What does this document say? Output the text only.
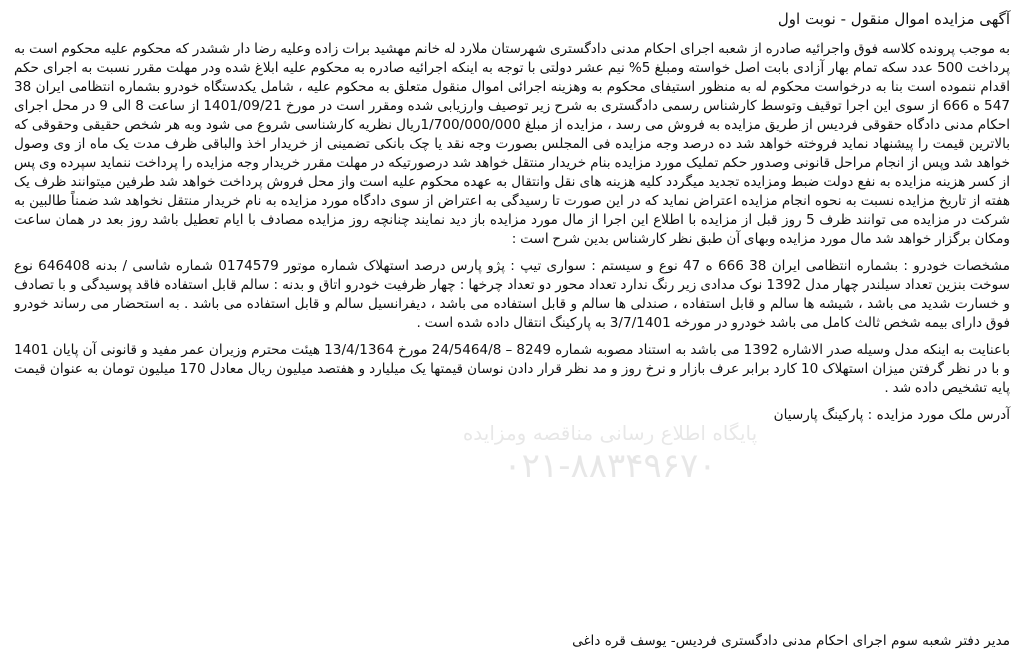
آگهی مزایده اموال منقول - نوبت اول

به موجب پرونده کلاسه فوق واجرائیه صادره از شعبه اجرای احکام مدنی دادگستری شهرستان ملارد له خانم مهشید برات زاده وعلیه رضا دار ششدر که محکوم علیه محکوم است به پرداخت 500 عدد سکه تمام بهار آزادی بابت اصل خواسته ومبلغ 5% نیم عشر دولتی با توجه به اینکه اجرائیه صادره به محکوم علیه ابلاغ شده ودر مهلت مقرر نسبت به اجرای حکم اقدام ننموده است بنا به درخواست محکوم له به منظور استیفای محکوم به وهزینه اجرائی اموال منقول متعلق به محکوم علیه ، شامل یکدستگاه خودرو بشماره انتظامی ایران 38 547 ه 666 از سوی این اجرا توقیف وتوسط کارشناس رسمی دادگستری به شرح زیر توصیف وارزیابی شده ومقرر است در مورخ 1401/09/21 از ساعت 8 الی 9 در محل اجرای احکام مدنی دادگاه حقوقی فردیس از طریق مزایده به فروش می رسد ، مزایده از مبلغ 1/700/000/000ریال نظریه کارشناسی شروع می شود وبه هر شخص حقیقی وحقوقی که بالاترین قیمت را پیشنهاد نماید فروخته خواهد شد ده درصد وجه مزایده فی المجلس بصورت وجه نقد یا چک بانکی تضمینی از خریدار اخذ والباقی ظرف مدت یک ماه از وی وصول خواهد شد وپس از انجام مراحل قانونی وصدور حکم تملیک مورد مزایده بنام خریدار منتقل خواهد شد درصورتیکه در مهلت مقرر خریدار وجه مزایده را پرداخت ننماید سپرده وی پس از کسر هزینه مزایده به نفع دولت ضبط ومزایده تجدید میگردد کلیه هزینه های نقل وانتقال به عهده محکوم علیه است واز محل فروش پرداخت خواهد شد طرفین میتوانند ظرف یک هفته از تاریخ مزایده نسبت به نحوه انجام مزایده اعتراض نماید که در این صورت تا رسیدگی به اعتراض از سوی دادگاه مورد مزایده به نام خریدار منتقل نخواهد شد ضمناً طالبین به شرکت در مزایده می توانند ظرف 5 روز قبل از مزایده با اطلاع این اجرا از مال مورد مزایده باز دید نمایند چنانچه روز مزایده مصادف با ایام تعطیل باشد روز بعد در همان ساعت ومکان برگزار خواهد شد مال مورد مزایده وبهای آن طبق نظر کارشناس بدین شرح است :

مشخصات خودرو : بشماره انتظامی ایران 38 666 ه 47 نوع و سیستم : سواری تیپ : پژو پارس درصد استهلاک شماره موتور 0174579 شماره شاسی / بدنه 646408 نوع سوخت بنزین تعداد سیلندر چهار مدل 1392 نوک مدادی زیر رنگ ندارد تعداد محور دو تعداد چرخها : چهار ظرفیت خودرو اتاق و بدنه : سالم قابل استفاده فاقد پوسیدگی و با تصادف و خسارت شدید می باشد ، شیشه ها سالم و قابل استفاده ، صندلی ها سالم و قابل استفاده می باشد ، دیفرانسیل سالم و قابل استفاده می باشد . به استحضار می رساند خودرو فوق دارای بیمه شخص ثالث کامل می باشد خودرو در مورخه 3/7/1401 به پارکینگ انتقال داده شده است .

باعنایت به اینکه مدل وسیله صدر الاشاره 1392 می باشد به استناد مصوبه شماره 8249 – 24/5464/8 مورخ 13/4/1364 هیئت محترم وزیران عمر مفید و قانونی آن پایان 1401 و با در نظر گرفتن میزان استهلاک 10 کارد برابر عرف بازار و نرخ روز و مد نظر قرار دادن نوسان قیمتها یک میلیارد و هفتصد میلیون ریال معادل 170 میلیون تومان به عنوان قیمت پایه تشخیص داده شد .

آدرس ملک مورد مزایده : پارکینگ پارسیان

مدیر دفتر شعبه سوم اجرای احکام مدنی دادگستری فردیس- یوسف قره داغی
پایگاه اطلاع رسانی مناقصه ومزایده
۰۲۱-۸۸۳۴۹۶۷۰
